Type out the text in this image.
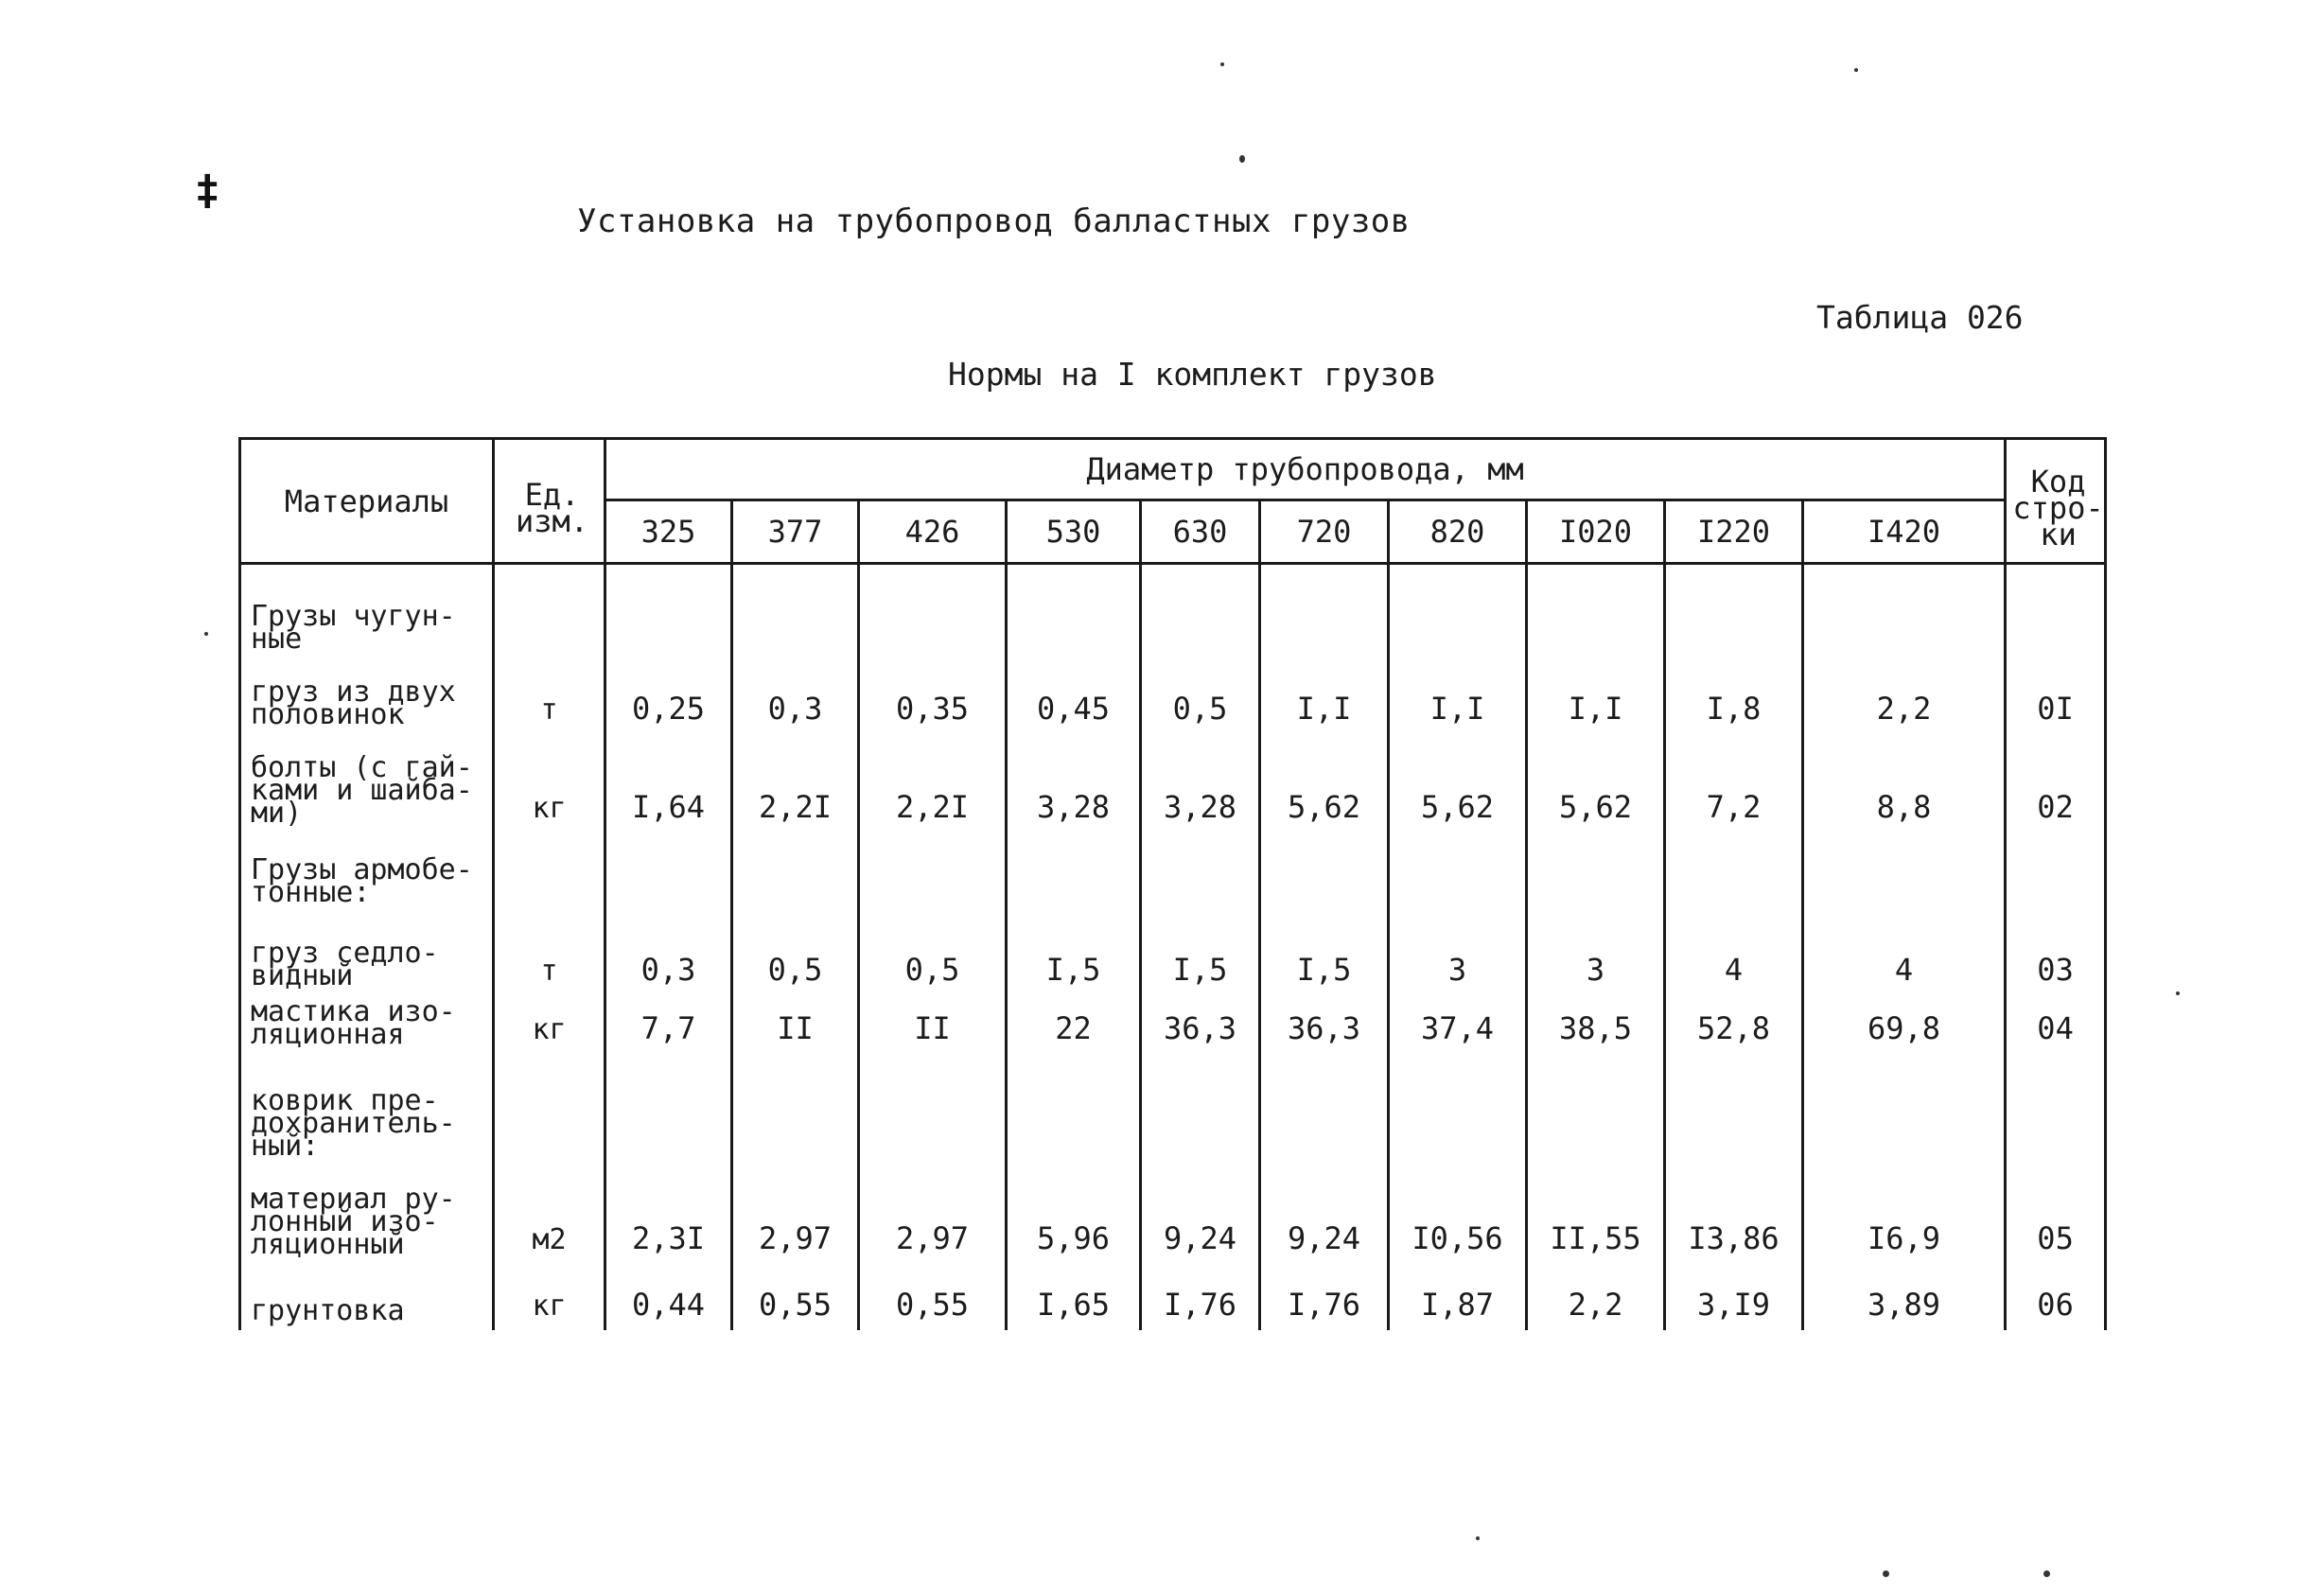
‡
Установка на трубопровод балластных грузов
Таблица 026
Нормы на I комплект грузов
Материалы	Ед. изм.	Диаметр трубопровода, мм										Код стро-ки
		325	377	426	530	630	720	820	I020	I220	I420	
Грузы чугун-ные												
груз из двух половинок	т	0,25	0,3	0,35	0,45	0,5	I,I	I,I	I,I	I,8	2,2	0I
болты (с гай-ками и шайба-ми)	кг	I,64	2,2I	2,2I	3,28	3,28	5,62	5,62	5,62	7,2	8,8	02
Грузы армобе-тонные:												
груз седло-видный	т	0,3	0,5	0,5	I,5	I,5	I,5	3	3	4	4	03
мастика изо-ляционная	кг	7,7	II	II	22	36,3	36,3	37,4	38,5	52,8	69,8	04
коврик пре-дохранитель-ный:												
материал ру-лонный изо-ляционный	м2	2,3I	2,97	2,97	5,96	9,24	9,24	I0,56	II,55	I3,86	I6,9	05
грунтовка	кг	0,44	0,55	0,55	I,65	I,76	I,76	I,87	2,2	3,I9	3,89	06
